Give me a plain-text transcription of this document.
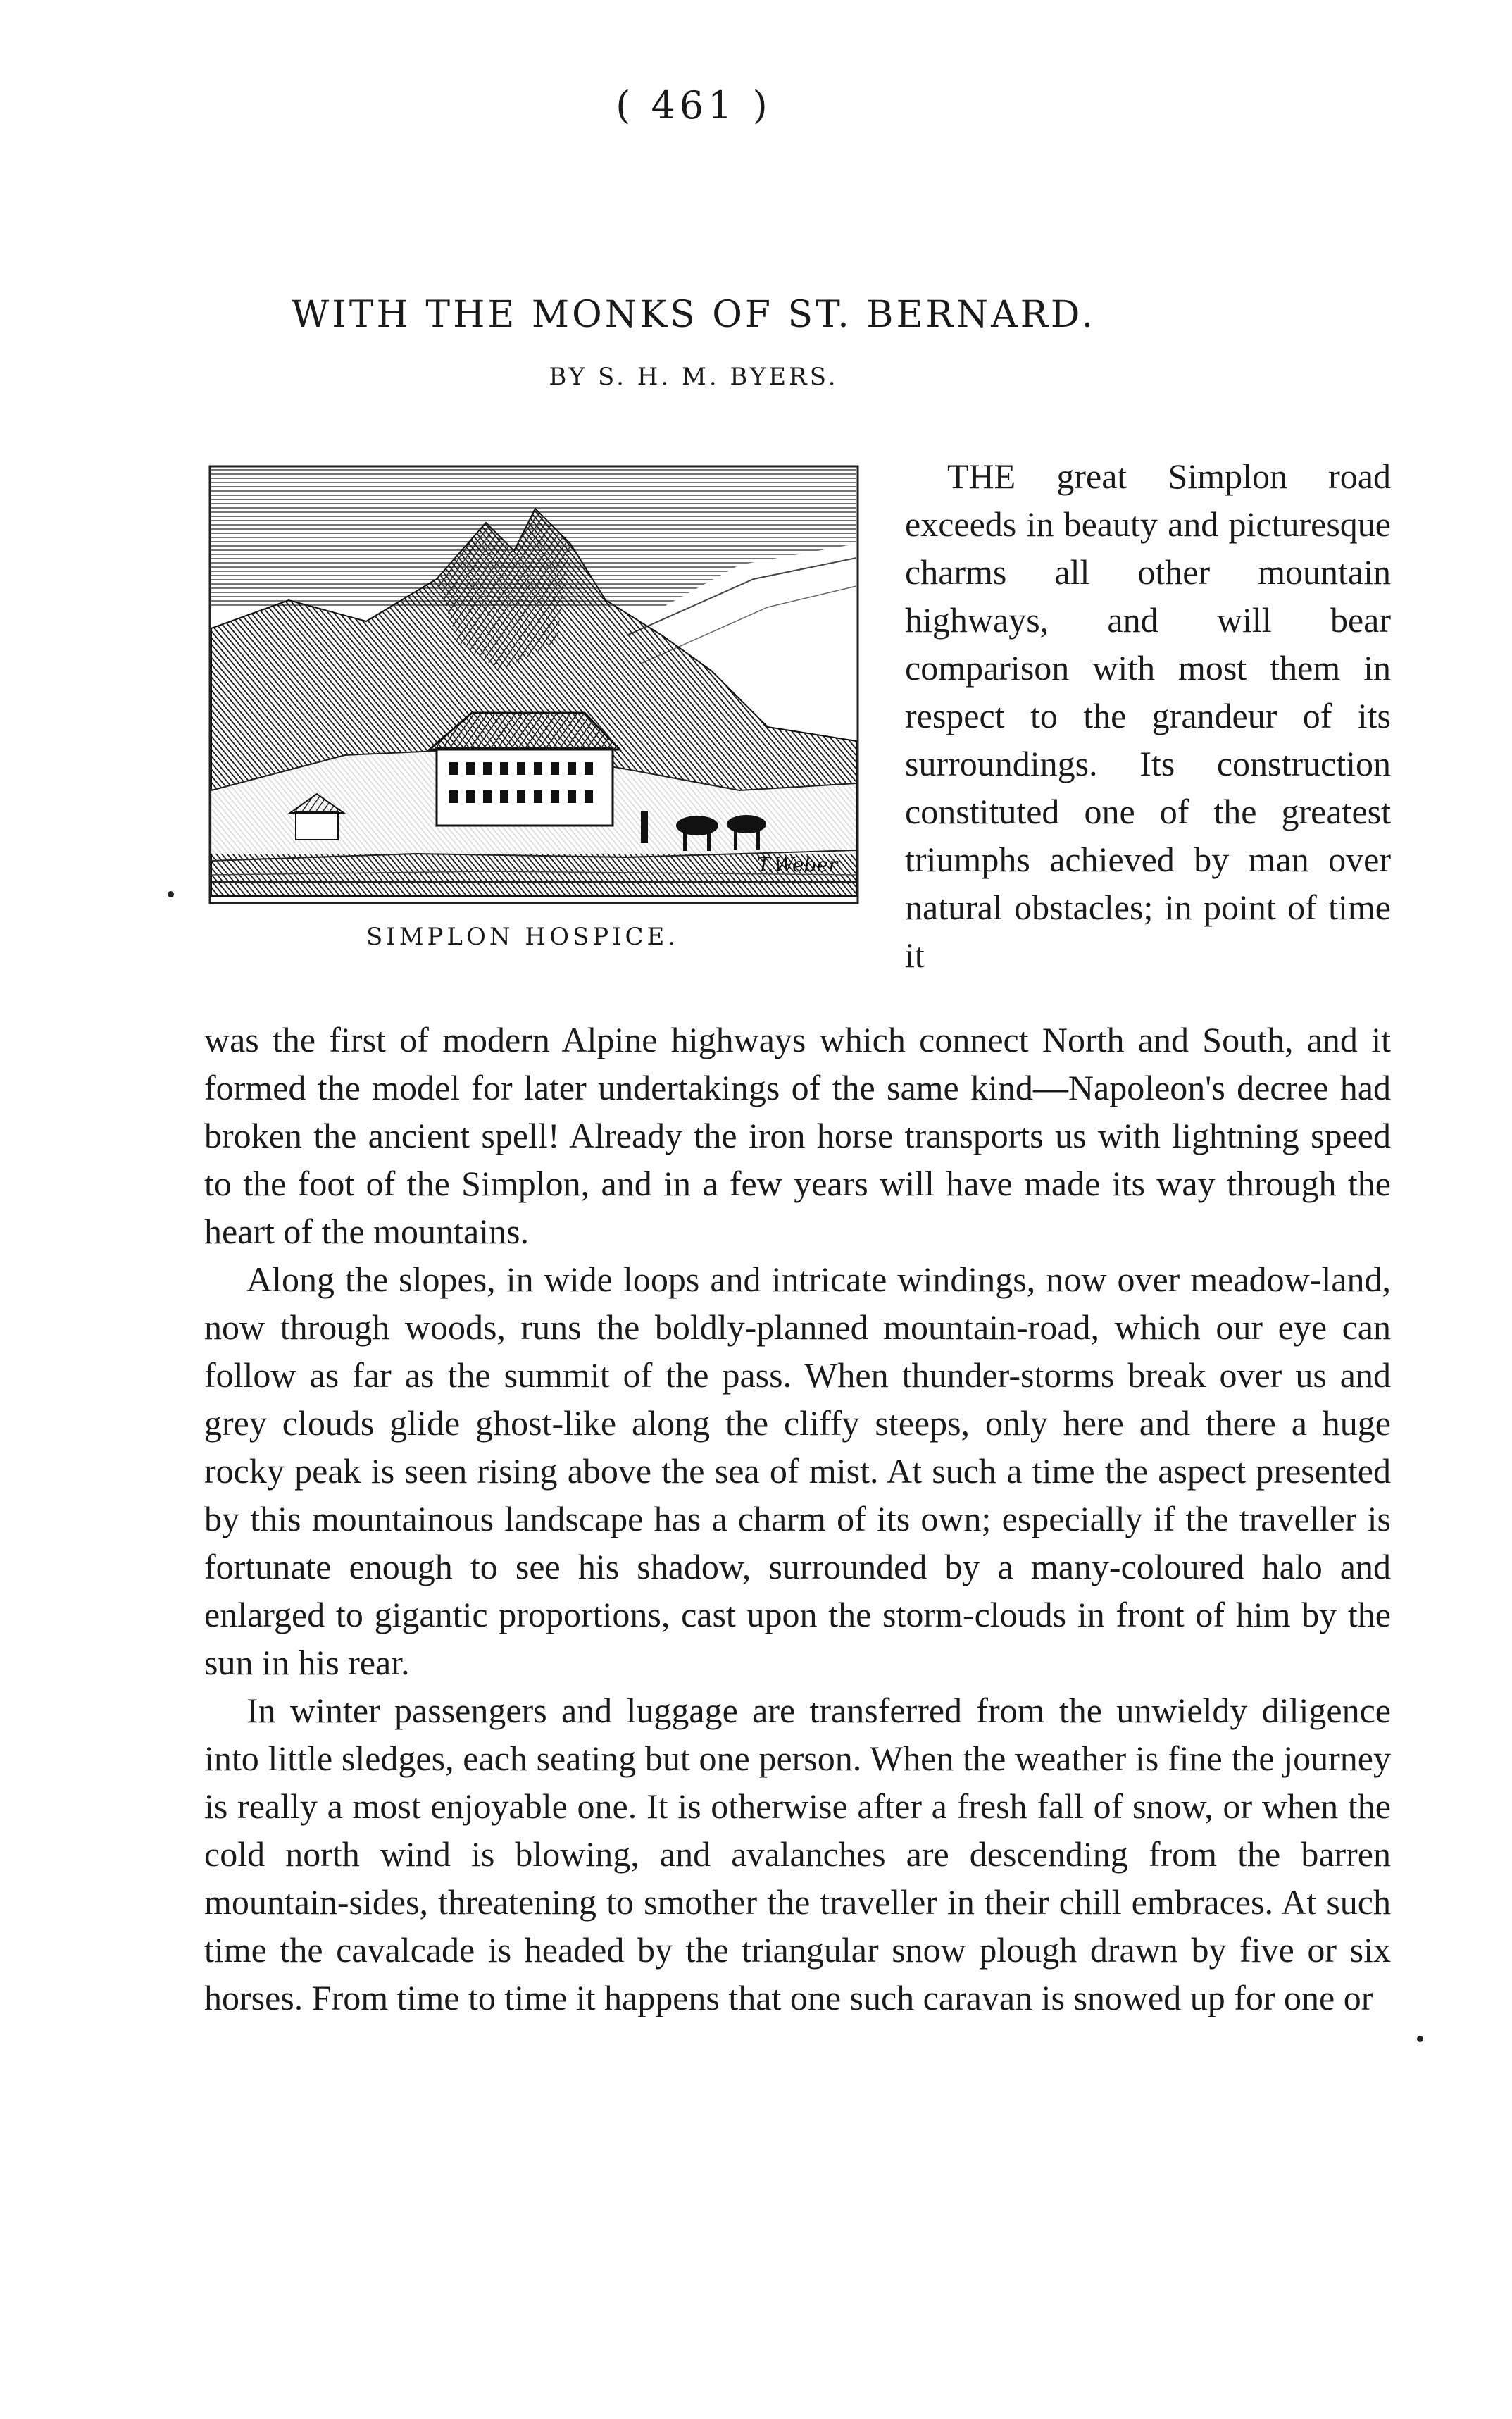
( 461 )
WITH THE MONKS OF ST. BERNARD.
BY S. H. M. BYERS.
T.Weber
SIMPLON HOSPICE.

THE great Simplon road exceeds in beauty and picturesque charms all other mountain highways, and will bear comparison with most them in respect to the grandeur of its surroundings. Its construction constituted one of the greatest triumphs achieved by man over natural obstacles; in point of time it

was the first of modern Alpine highways which connect North and South, and it formed the model for later undertakings of the same kind—Napoleon's decree had broken the ancient spell! Already the iron horse transports us with lightning speed to the foot of the Simplon, and in a few years will have made its way through the heart of the mountains.

Along the slopes, in wide loops and intricate windings, now over meadow-land, now through woods, runs the boldly-planned mountain-road, which our eye can follow as far as the summit of the pass. When thunder-storms break over us and grey clouds glide ghost-like along the cliffy steeps, only here and there a huge rocky peak is seen rising above the sea of mist. At such a time the aspect presented by this mountainous landscape has a charm of its own; especially if the traveller is fortunate enough to see his shadow, surrounded by a many-coloured halo and enlarged to gigantic proportions, cast upon the storm-clouds in front of him by the sun in his rear.

In winter passengers and luggage are transferred from the unwieldy diligence into little sledges, each seating but one person. When the weather is fine the journey is really a most enjoyable one. It is otherwise after a fresh fall of snow, or when the cold north wind is blowing, and avalanches are descending from the barren mountain-sides, threatening to smother the traveller in their chill embraces. At such time the cavalcade is headed by the triangular snow plough drawn by five or six horses. From time to time it happens that one such caravan is snowed up for one or
